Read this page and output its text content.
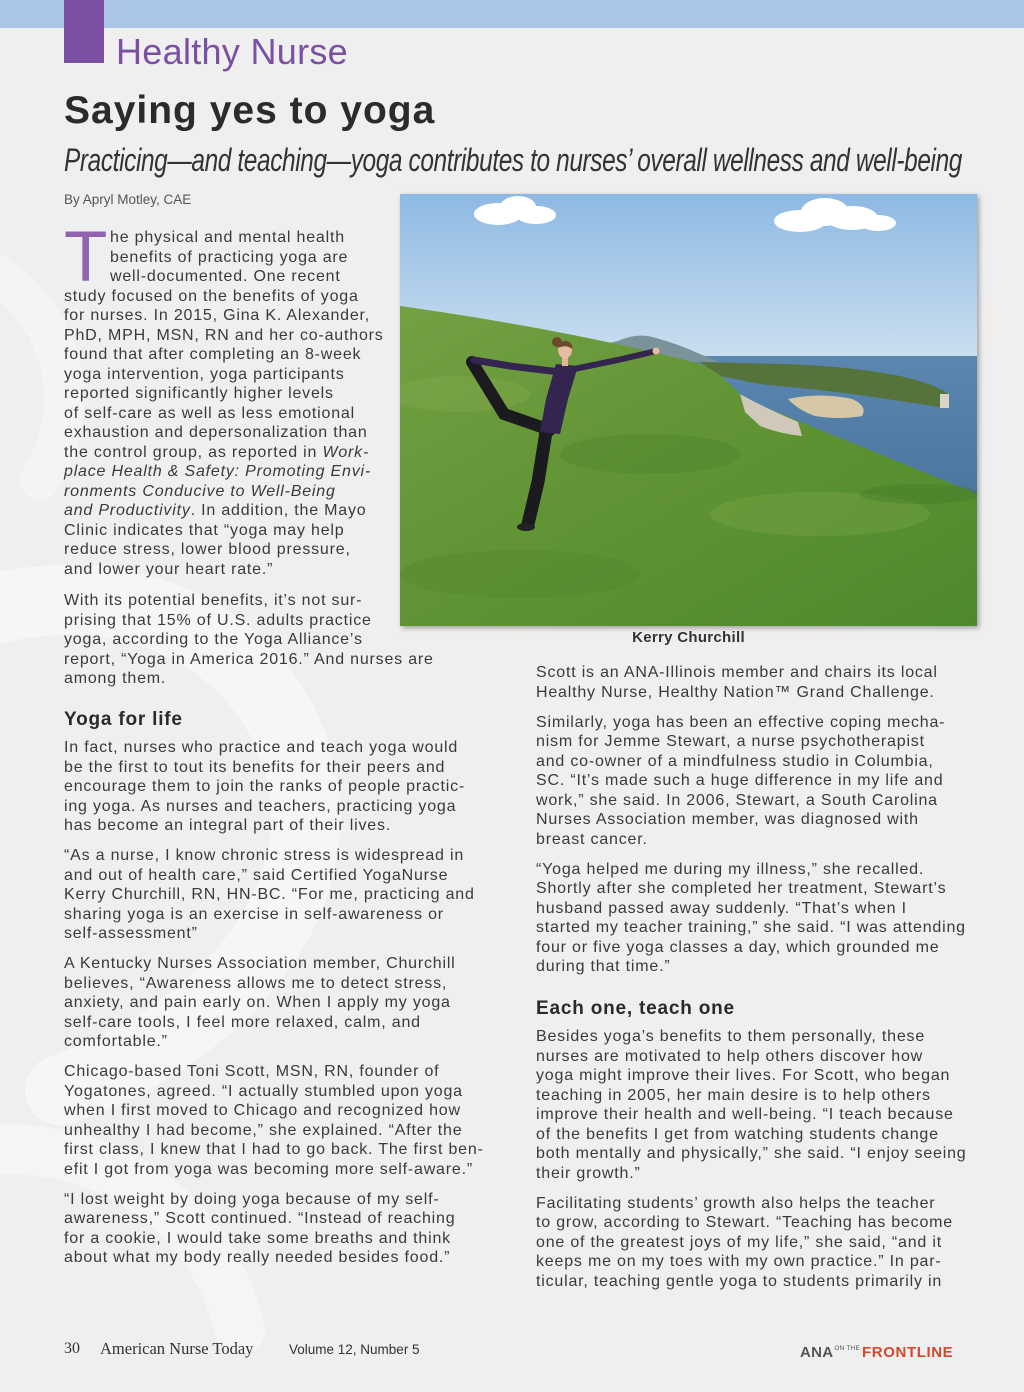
Healthy Nurse
Saying yes to yoga
Practicing—and teaching—yoga contributes to nurses’ overall wellness and well-being
By Apryl Motley, CAE
Kerry Churchill

The physical and mental health
benefits of practicing yoga are
well-documented. One recent
study focused on the benefits of yoga
for nurses. In 2015, Gina K. Alexander,
PhD, MPH, MSN, RN and her co-authors
found that after completing an 8-week
yoga intervention, yoga participants
reported significantly higher levels
of self-care as well as less emotional
exhaustion and depersonalization than
the control group, as reported in Work-
place Health & Safety: Promoting Envi-
ronments Conducive to Well-Being
and Productivity. In addition, the Mayo
Clinic indicates that “yoga may help
reduce stress, lower blood pressure,
and lower your heart rate.”

With its potential benefits, it’s not sur-
prising that 15% of U.S. adults practice
yoga, according to the Yoga Alliance’s
report, “Yoga in America 2016.” And nurses are
among them.

Yoga for life

In fact, nurses who practice and teach yoga would
be the first to tout its benefits for their peers and
encourage them to join the ranks of people practic-
ing yoga. As nurses and teachers, practicing yoga
has become an integral part of their lives.

“As a nurse, I know chronic stress is widespread in
and out of health care,” said Certified YogaNurse
Kerry Churchill, RN, HN-BC. “For me, practicing and
sharing yoga is an exercise in self-awareness or
self-assessment”

A Kentucky Nurses Association member, Churchill
believes, “Awareness allows me to detect stress,
anxiety, and pain early on. When I apply my yoga
self-care tools, I feel more relaxed, calm, and
comfortable.”

Chicago-based Toni Scott, MSN, RN, founder of
Yogatones, agreed. “I actually stumbled upon yoga
when I first moved to Chicago and recognized how
unhealthy I had become,” she explained. “After the
first class, I knew that I had to go back. The first ben-
efit I got from yoga was becoming more self-aware.”

“I lost weight by doing yoga because of my self-
awareness,” Scott continued. “Instead of reaching
for a cookie, I would take some breaths and think
about what my body really needed besides food.”

Scott is an ANA-Illinois member and chairs its local
Healthy Nurse, Healthy Nation™ Grand Challenge.

Similarly, yoga has been an effective coping mecha-
nism for Jemme Stewart, a nurse psychotherapist
and co-owner of a mindfulness studio in Columbia,
SC. “It’s made such a huge difference in my life and
work,” she said. In 2006, Stewart, a South Carolina
Nurses Association member, was diagnosed with
breast cancer.

“Yoga helped me during my illness,” she recalled.
Shortly after she completed her treatment, Stewart’s
husband passed away suddenly. “That’s when I
started my teacher training,” she said. “I was attending
four or five yoga classes a day, which grounded me
during that time.”

Each one, teach one

Besides yoga’s benefits to them personally, these
nurses are motivated to help others discover how
yoga might improve their lives. For Scott, who began
teaching in 2005, her main desire is to help others
improve their health and well-being. “I teach because
of the benefits I get from watching students change
both mentally and physically,” she said. “I enjoy seeing
their growth.”

Facilitating students’ growth also helps the teacher
to grow, according to Stewart. “Teaching has become
one of the greatest joys of my life,” she said, “and it
keeps me on my toes with my own practice.” In par-
ticular, teaching gentle yoga to students primarily in

30 American Nurse Today	Volume 12, Number 5	$ANA^{ON THE}$ FRONTLINE
